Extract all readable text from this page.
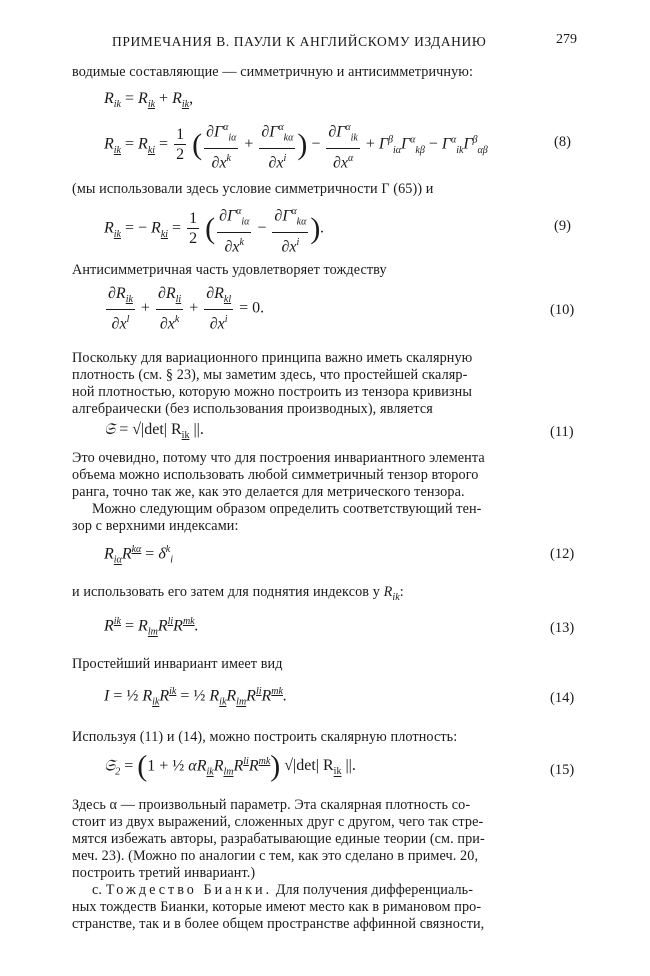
ПРИМЕЧАНИЯ В. ПАУЛИ К АНГЛИЙСКОМУ ИЗДАНИЮ	279
водимые составляющие — симметричную и антисимметричную:
$R_{ik} = R_{ik} + R_{ik}$,
$R_{ik} = R_{ki} = \frac{1}{2}$ ( $\frac{\partial\Gamma^\alpha_{i\alpha}}{\partial x^k} + \frac{\partial\Gamma^\alpha_{k\alpha}}{\partial x^i}$ ) − $\frac{\partial\Gamma^\alpha_{ik}}{\partial x^\alpha} + \Gamma^\beta_{i\alpha}\Gamma^\alpha_{k\beta} - \Gamma^\alpha_{ik}\Gamma^\beta_{\alpha\beta}$
(8)
(мы использовали здесь условие симметричности Γ (65)) и
$R_{ik}$ = − $R_{ki} = \frac{1}{2}$ ( $\frac{\partial\Gamma^\alpha_{i\alpha}}{\partial x^k} - \frac{\partial\Gamma^\alpha_{k\alpha}}{\partial x^i}$ ).	(9)
Антисимметричная часть удовлетворяет тождеству
$\frac{\partial R_{ik}}{\partial x^l} + \frac{\partial R_{li}}{\partial x^k} + \frac{\partial R_{kl}}{\partial x^i} = 0$.	(10)
Поскольку для вариационного принципа важно иметь скалярную
плотность (см. § 23), мы заметим здесь, что простейшей скаляр-
ной плотностью, которую можно построить из тензора кривизны
алгебраически (без использования производных), является
𝔖 = √|det| $R_{ik}$ ||.	(11)
Это очевидно, потому что для построения инвариантного элемента
объема можно использовать любой симметричный тензор второго
ранга, точно так же, как это делается для метрического тензора.
Можно следующим образом определить соответствующий тен-
зор с верхними индексами:
$R_{i\alpha}R^{k\alpha} = \delta^k_i$	(12)
и использовать его затем для поднятия индексов у $R_{ik}$:
$R^{ik} = R_{lm}R^{li}R^{mk}$.	(13)
Простейший инвариант имеет вид
I = ½ $R_{ik}R^{ik}$ = ½ $R_{ik}R_{lm}R^{li}R^{mk}$.	(14)
Используя (11) и (14), можно построить скалярную плотность:
𝔖$_2$ = (1 + ½ $\alpha R_{ik}R_{lm}R^{li}R^{mk}$) √|det| $R_{ik}$ ||.	(15)
Здесь α — произвольный параметр. Эта скалярная плотность со-
стоит из двух выражений, сложенных друг с другом, чего так стре-
мятся избежать авторы, разрабатывающие единые теории (см. при-
меч. 23). (Можно по аналогии с тем, как это сделано в примеч. 20,
построить третий инвариант.)
с. Тождество Бианки. Для получения дифференциаль-
ных тождеств Бианки, которые имеют место как в римановом про-
странстве, так и в более общем пространстве аффинной связности,
